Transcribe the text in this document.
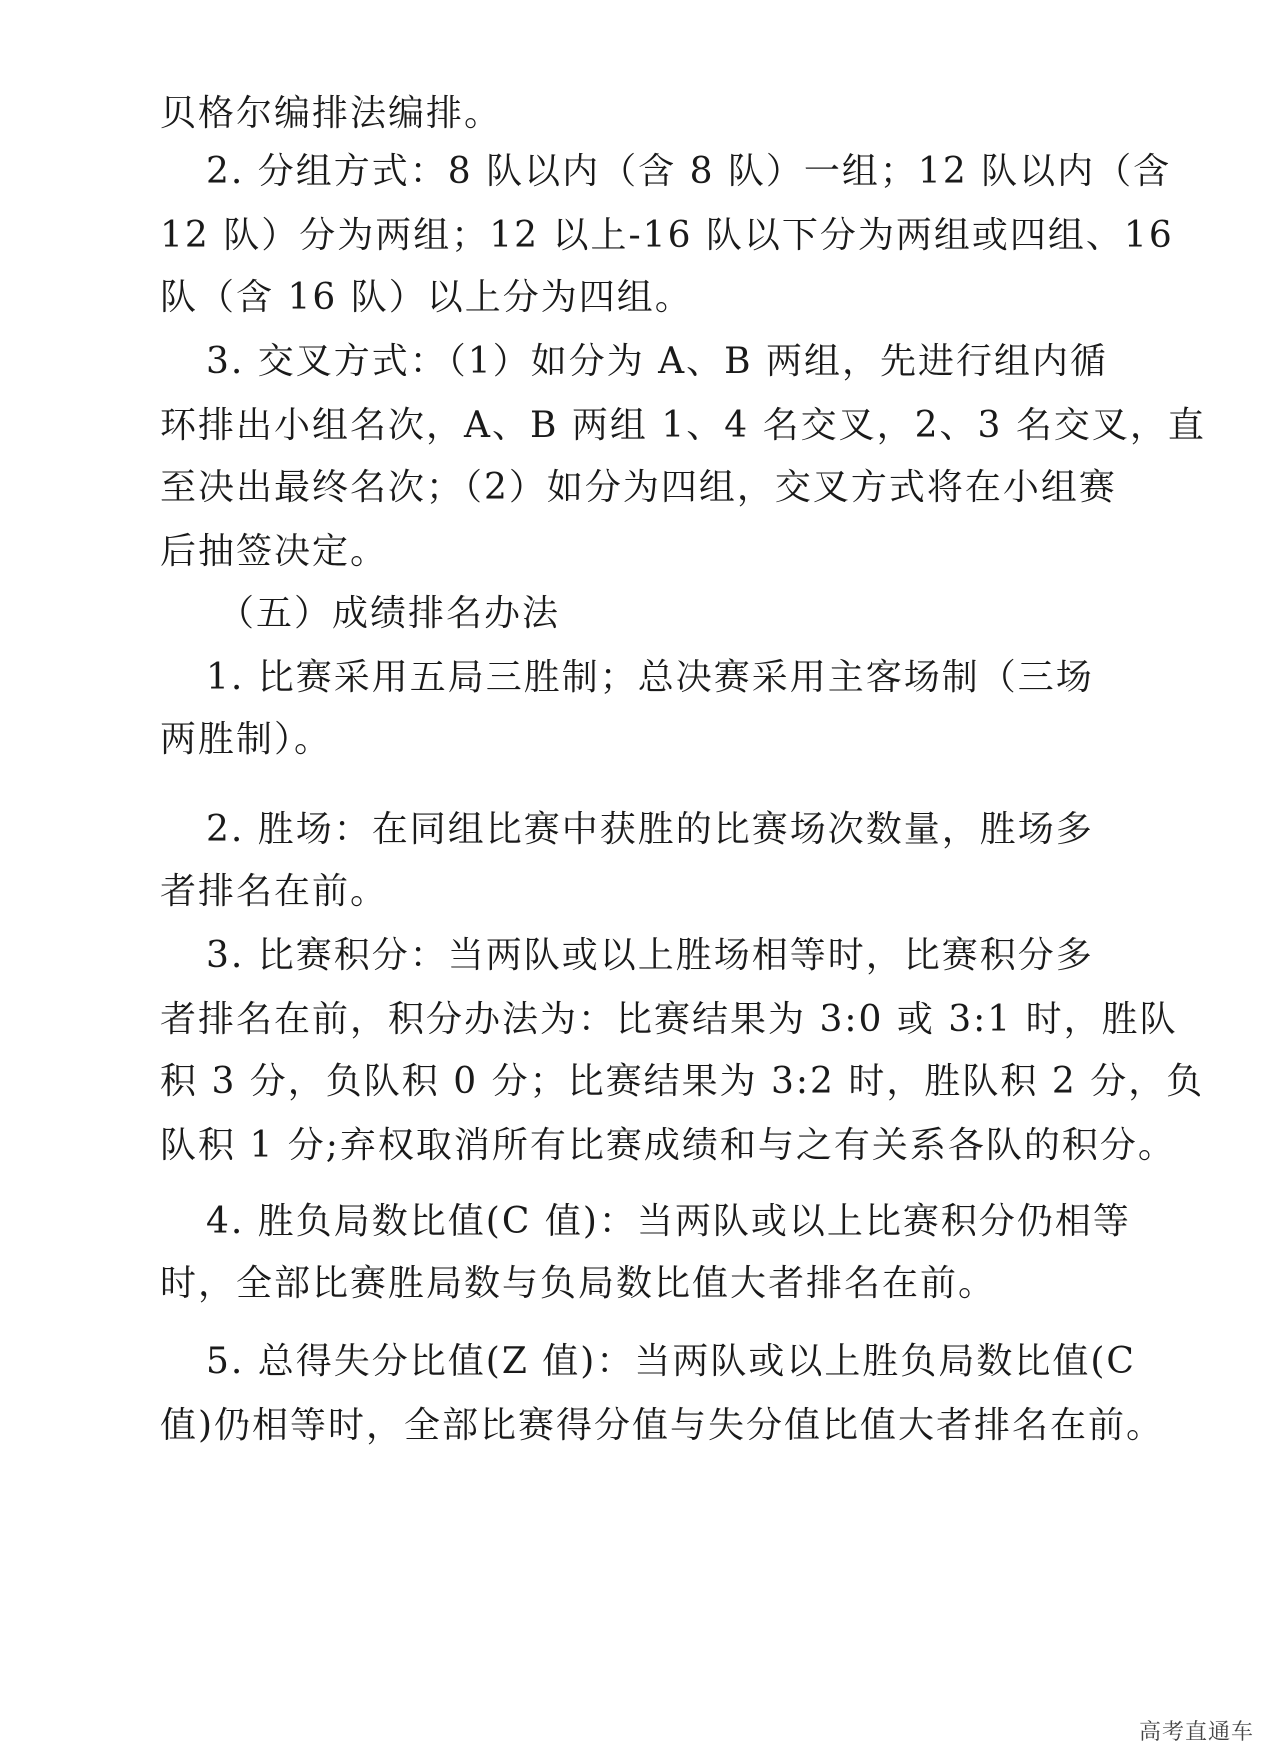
贝格尔编排法编排。
2. 分组方式：8 队以内（含 8 队）一组；12 队以内（含
12 队）分为两组；12 以上-16 队以下分为两组或四组、16
队（含 16 队）以上分为四组。
3. 交叉方式：（1）如分为 A、B 两组，先进行组内循
环排出小组名次，A、B 两组 1、4 名交叉，2、3 名交叉，直
至决出最终名次；（2）如分为四组，交叉方式将在小组赛
后抽签决定。
（五）成绩排名办法
1. 比赛采用五局三胜制；总决赛采用主客场制（三场
两胜制）。
2. 胜场：在同组比赛中获胜的比赛场次数量，胜场多
者排名在前。
3. 比赛积分：当两队或以上胜场相等时，比赛积分多
者排名在前，积分办法为：比赛结果为 3:0 或 3:1 时，胜队
积 3 分，负队积 0 分；比赛结果为 3:2 时，胜队积 2 分，负
队积 1 分;弃权取消所有比赛成绩和与之有关系各队的积分。
4. 胜负局数比值(C 值)：当两队或以上比赛积分仍相等
时，全部比赛胜局数与负局数比值大者排名在前。
5. 总得失分比值(Z 值)：当两队或以上胜负局数比值(C
值)仍相等时，全部比赛得分值与失分值比值大者排名在前。
高考直通车
